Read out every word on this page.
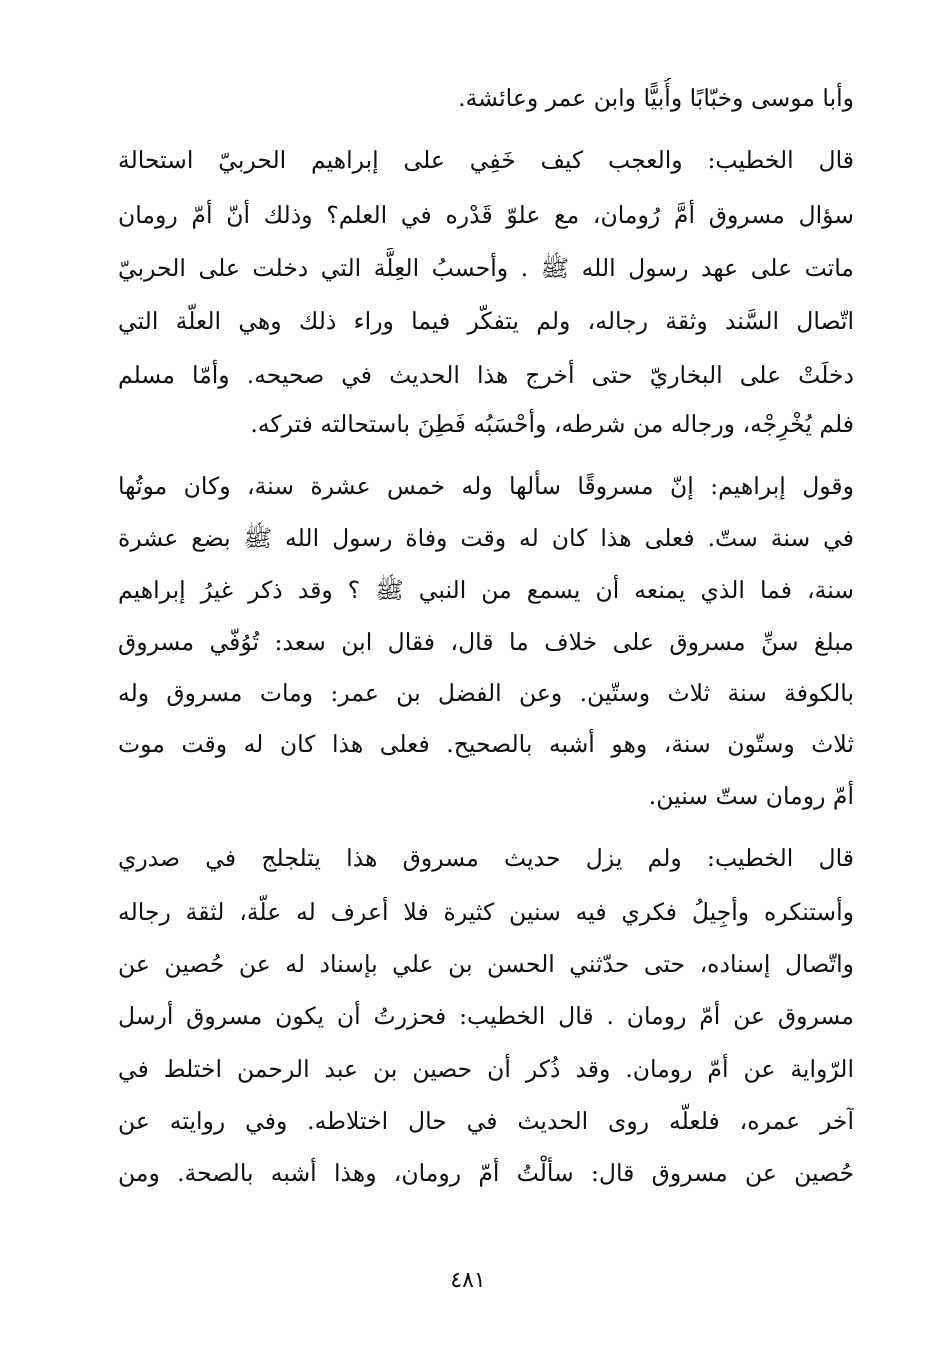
وأبا موسى وخبّابًا وأُبيًّا وابن عمر وعائشة.
قال الخطيب: والعجب كيف خَفِي على إبراهيم الحربيّ استحالة
سؤال مسروق أمَّ رُومان، مع علوّ قَدْره في العلم؟ وذلك أنّ أمّ رومان
ماتت على عهد رسول الله ﷺ . وأحسبُ العِلَّة التي دخلت على الحربيّ
اتّصال السَّند وثقة رجاله، ولم يتفكّر فيما وراء ذلك وهي العلّة التي
دخلَتْ على البخاريّ حتى أخرج هذا الحديث في صحيحه. وأمّا مسلم
فلم يُخْرِجْه، ورجاله من شرطه، وأحْسَبُه فَطِنَ باستحالته فتركه.
وقول إبراهيم: إنّ مسروقًا سألها وله خمس عشرة سنة، وكان موتُها
في سنة ستّ. فعلى هذا كان له وقت وفاة رسول الله ﷺ بضع عشرة
سنة، فما الذي يمنعه أن يسمع من النبي ﷺ ؟ وقد ذكر غيرُ إبراهيم
مبلغ سنِّ مسروق على خلاف ما قال، فقال ابن سعد: تُوُفّي مسروق
بالكوفة سنة ثلاث وستّين. وعن الفضل بن عمر: ومات مسروق وله
ثلاث وستّون سنة، وهو أشبه بالصحيح. فعلى هذا كان له وقت موت
أمّ رومان ستّ سنين.
قال الخطيب: ولم يزل حديث مسروق هذا يتلجلج في صدري
وأستنكره وأجِيلُ فكري فيه سنين كثيرة فلا أعرف له علّة، لثقة رجاله
واتّصال إسناده، حتى حدّثني الحسن بن علي بإسناد له عن حُصين عن
مسروق عن أمّ رومان . قال الخطيب: فحزرتُ أن يكون مسروق أرسل
الرّواية عن أمّ رومان. وقد ذُكر أن حصين بن عبد الرحمن اختلط في
آخر عمره، فلعلّه روى الحديث في حال اختلاطه. وفي روايته عن
حُصين عن مسروق قال: سألْتُ أمّ رومان، وهذا أشبه بالصحة. ومن
٤٨١
